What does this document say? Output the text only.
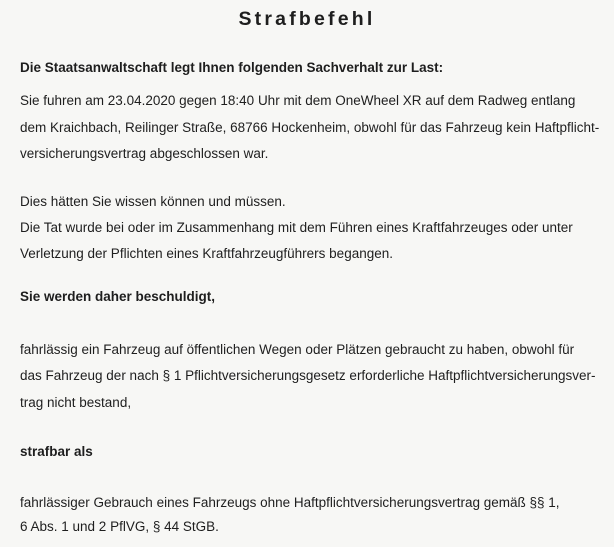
Strafbefehl
Die Staatsanwaltschaft legt Ihnen folgenden Sachverhalt zur Last:
Sie fuhren am 23.04.2020 gegen 18:40 Uhr mit dem OneWheel XR auf dem Radweg entlang
dem Kraichbach, Reilinger Straße, 68766 Hockenheim, obwohl für das Fahrzeug kein Haftpflicht-
versicherungsvertrag abgeschlossen war.
Dies hätten Sie wissen können und müssen.
Die Tat wurde bei oder im Zusammenhang mit dem Führen eines Kraftfahrzeuges oder unter
Verletzung der Pflichten eines Kraftfahrzeugführers begangen.
Sie werden daher beschuldigt,
fahrlässig ein Fahrzeug auf öffentlichen Wegen oder Plätzen gebraucht zu haben, obwohl für
das Fahrzeug der nach § 1 Pflichtversicherungsgesetz erforderliche Haftpflichtversicherungsver-
trag nicht bestand,
strafbar als
fahrlässiger Gebrauch eines Fahrzeugs ohne Haftpflichtversicherungsvertrag gemäß §§ 1,
6 Abs. 1 und 2 PflVG, § 44 StGB.
